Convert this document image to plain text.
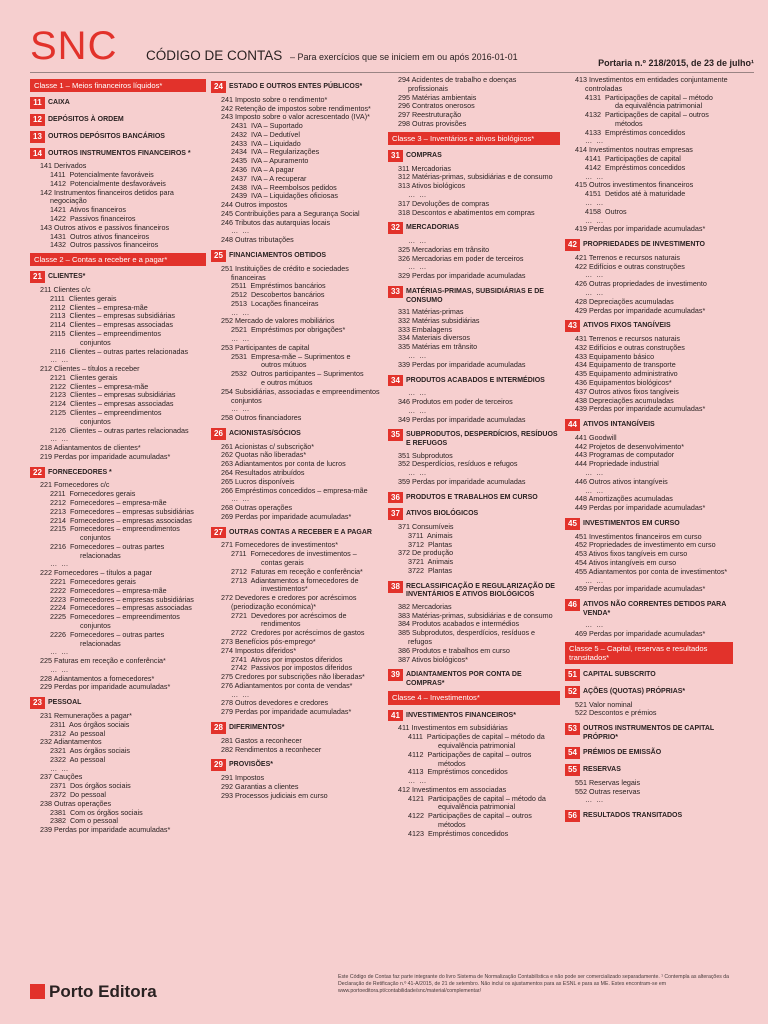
SNC CÓDIGO DE CONTAS – Para exercícios que se iniciem em ou após 2016-01-01
Portaria n.º 218/2015, de 23 de julho¹
Classe 1 – Meios financeiros líquidos*
11 CAIXA
12 DEPÓSITOS À ORDEM
13 OUTROS DEPÓSITOS BANCÁRIOS
14 OUTROS INSTRUMENTOS FINANCEIROS *
141 Derivados
1411  Potencialmente favoráveis
1412  Potencialmente desfavoráveis
142 Instrumentos financeiros detidos para
negociação
1421  Ativos financeiros
1422  Passivos financeiros
143 Outros ativos e passivos financeiros
1431  Outros ativos financeiros
1432  Outros passivos financeiros
Classe 2 – Contas a receber e a pagar*
21 CLIENTES*
211 Clientes c/c
2111  Clientes gerais
2112  Clientes – empresa-mãe
2113  Clientes – empresas subsidiárias
2114  Clientes – empresas associadas
2115  Clientes – empreendimentos
conjuntos
2116  Clientes – outras partes relacionadas
… …
212 Clientes – títulos a receber
2121  Clientes gerais
2122  Clientes – empresa-mãe
2123  Clientes – empresas subsidiárias
2124  Clientes – empresas associadas
2125  Clientes – empreendimentos
conjuntos
2126  Clientes – outras partes relacionadas
… …
218 Adiantamentos de clientes*
219 Perdas por imparidade acumuladas*
22 FORNECEDORES *
221 Fornecedores c/c
2211  Fornecedores gerais
2212  Fornecedores – empresa-mãe
2213  Fornecedores – empresas subsidiárias
2214  Fornecedores – empresas associadas
2215  Fornecedores – empreendimentos
conjuntos
2216  Fornecedores – outras partes
relacionadas
… …
222 Fornecedores – títulos a pagar
2221  Fornecedores gerais
2222  Fornecedores – empresa-mãe
2223  Fornecedores – empresas subsidiárias
2224  Fornecedores – empresas associadas
2225  Fornecedores – empreendimentos
conjuntos
2226  Fornecedores – outras partes
relacionadas
… …
225 Faturas em receção e conferência*
… …
228 Adiantamentos a fornecedores*
229 Perdas por imparidade acumuladas*
23 PESSOAL
231 Remunerações a pagar*
2311  Aos órgãos sociais
2312  Ao pessoal
232 Adiantamentos
2321  Aos órgãos sociais
2322  Ao pessoal
… …
237 Cauções
2371  Dos órgãos sociais
2372  Do pessoal
238 Outras operações
2381  Com os órgãos sociais
2382  Com o pessoal
239 Perdas por imparidade acumuladas*
24 ESTADO E OUTROS ENTES PÚBLICOS*
241 Imposto sobre o rendimento*
242 Retenção de impostos sobre rendimentos*
243 Imposto sobre o valor acrescentado (IVA)*
2431  IVA – Suportado
2432  IVA – Dedutível
2433  IVA – Liquidado
2434  IVA – Regularizações
2435  IVA – Apuramento
2436  IVA – A pagar
2437  IVA – A recuperar
2438  IVA – Reembolsos pedidos
2439  IVA – Liquidações oficiosas
244 Outros impostos
245 Contribuições para a Segurança Social
246 Tributos das autarquias locais
… …
248 Outras tributações
25 FINANCIAMENTOS OBTIDOS
251 Instituições de crédito e sociedades
financeiras
2511  Empréstimos bancários
2512  Descobertos bancários
2513  Locações financeiras
… …
252 Mercado de valores mobiliários
2521  Empréstimos por obrigações*
… …
253 Participantes de capital
2531  Empresa-mãe – Suprimentos e
outros mútuos
2532  Outros participantes – Suprimentos
e outros mútuos
254 Subsidiárias, associadas e empreendimentos
conjuntos
… …
258 Outros financiadores
26 ACIONISTAS/SÓCIOS
261 Acionistas c/ subscrição*
262 Quotas não liberadas*
263 Adiantamentos por conta de lucros
264 Resultados atribuídos
265 Lucros disponíveis
266 Empréstimos concedidos – empresa-mãe
… …
268 Outras operações
269 Perdas por imparidade acumuladas*
27 OUTRAS CONTAS A RECEBER E A PAGAR
271 Fornecedores de investimentos*
2711  Fornecedores de investimentos –
contas gerais
2712  Faturas em receção e conferência*
2713  Adiantamentos a fornecedores de
investimentos*
272 Devedores e credores por acréscimos
(periodização económica)*
2721  Devedores por acréscimos de
rendimentos
2722  Credores por acréscimos de gastos
273 Benefícios pós-emprego*
274 Impostos diferidos*
2741  Ativos por impostos diferidos
2742  Passivos por impostos diferidos
275 Credores por subscrições não liberadas*
276 Adiantamentos por conta de vendas*
… …
278 Outros devedores e credores
279 Perdas por imparidade acumuladas*
28 DIFERIMENTOS*
281 Gastos a reconhecer
282 Rendimentos a reconhecer
29 PROVISÕES*
291 Impostos
292 Garantias a clientes
293 Processos judiciais em curso
294 Acidentes de trabalho e doenças
profissionais
295 Matérias ambientais
296 Contratos onerosos
297 Reestruturação
298 Outras provisões
Classe 3 – Inventários e ativos biológicos*
31 COMPRAS
311 Mercadorias
312 Matérias-primas, subsidiárias e de consumo
313 Ativos biológicos
… …
317 Devoluções de compras
318 Descontos e abatimentos em compras
32 MERCADORIAS
… …
325 Mercadorias em trânsito
326 Mercadorias em poder de terceiros
… …
329 Perdas por imparidade acumuladas
33 MATÉRIAS-PRIMAS, SUBSIDIÁRIAS E DE CONSUMO
331 Matérias-primas
332 Matérias subsidiárias
333 Embalagens
334 Materiais diversos
335 Matérias em trânsito
… …
339 Perdas por imparidade acumuladas
34 PRODUTOS ACABADOS E INTERMÉDIOS
… …
346 Produtos em poder de terceiros
… …
349 Perdas por imparidade acumuladas
35 SUBPRODUTOS, DESPERDÍCIOS, RESÍDUOS E REFUGOS
351 Subprodutos
352 Desperdícios, resíduos e refugos
… …
359 Perdas por imparidade acumuladas
36 PRODUTOS E TRABALHOS EM CURSO
37 ATIVOS BIOLÓGICOS
371 Consumíveis
3711  Animais
3712  Plantas
372 De produção
3721  Animais
3722  Plantas
38 RECLASSIFICAÇÃO E REGULARIZAÇÃO DE INVENTÁRIOS E ATIVOS BIOLÓGICOS
382 Mercadorias
383 Matérias-primas, subsidiárias e de consumo
384 Produtos acabados e intermédios
385 Subprodutos, desperdícios, resíduos e
refugos
386 Produtos e trabalhos em curso
387 Ativos biológicos*
39 ADIANTAMENTOS POR CONTA DE COMPRAS*
Classe 4 – Investimentos*
41 INVESTIMENTOS FINANCEIROS*
411 Investimentos em subsidiárias
4111  Participações de capital – método da
equivalência patrimonial
4112  Participações de capital – outros
métodos
4113  Empréstimos concedidos
… …
412 Investimentos em associadas
4121  Participações de capital – método da
equivalência patrimonial
4122  Participações de capital – outros
métodos
4123  Empréstimos concedidos
413 Investimentos em entidades conjuntamente
controladas
4131  Participações de capital – método
da equivalência patrimonial
4132  Participações de capital – outros
métodos
4133  Empréstimos concedidos
… …
414 Investimentos noutras empresas
4141  Participações de capital
4142  Empréstimos concedidos
… …
415 Outros investimentos financeiros
4151  Detidos até à maturidade
… …
4158  Outros
… …
419 Perdas por imparidade acumuladas*
42 PROPRIEDADES DE INVESTIMENTO
421 Terrenos e recursos naturais
422 Edifícios e outras construções
… …
426 Outras propriedades de investimento
… …
428 Depreciações acumuladas
429 Perdas por imparidade acumuladas*
43 ATIVOS FIXOS TANGÍVEIS
431 Terrenos e recursos naturais
432 Edifícios e outras construções
433 Equipamento básico
434 Equipamento de transporte
435 Equipamento administrativo
436 Equipamentos biológicos*
437 Outros ativos fixos tangíveis
438 Depreciações acumuladas
439 Perdas por imparidade acumuladas*
44 ATIVOS INTANGÍVEIS
441 Goodwill
442 Projetos de desenvolvimento*
443 Programas de computador
444 Propriedade industrial
… …
446 Outros ativos intangíveis
… …
448 Amortizações acumuladas
449 Perdas por imparidade acumuladas*
45 INVESTIMENTOS EM CURSO
451 Investimentos financeiros em curso
452 Propriedades de investimento em curso
453 Ativos fixos tangíveis em curso
454 Ativos intangíveis em curso
455 Adiantamentos por conta de investimentos*
… …
459 Perdas por imparidade acumuladas*
46 ATIVOS NÃO CORRENTES DETIDOS PARA VENDA*
… …
469 Perdas por imparidade acumuladas*
Classe 5 – Capital, reservas e resultados transitados*
51 CAPITAL SUBSCRITO
52 AÇÕES (QUOTAS) PRÓPRIAS*
521 Valor nominal
522 Descontos e prémios
53 OUTROS INSTRUMENTOS DE CAPITAL PRÓPRIO*
54 PRÉMIOS DE EMISSÃO
55 RESERVAS
551 Reservas legais
552 Outras reservas
… …
56 RESULTADOS TRANSITADOS
Porto Editora
Este Código de Contas faz parte integrante do livro Sistema de Normalização Contabilística e não pode ser comercializado separadamente. ¹ Contempla as alterações da Declaração de Retificação n.º 41-A/2015, de 21 de setembro. Não inclui os ajustamentos para as ESNL e para as ME. Estes encontram-se em www.portoeditora.pt/contabilidade/snc/material/complementar/
